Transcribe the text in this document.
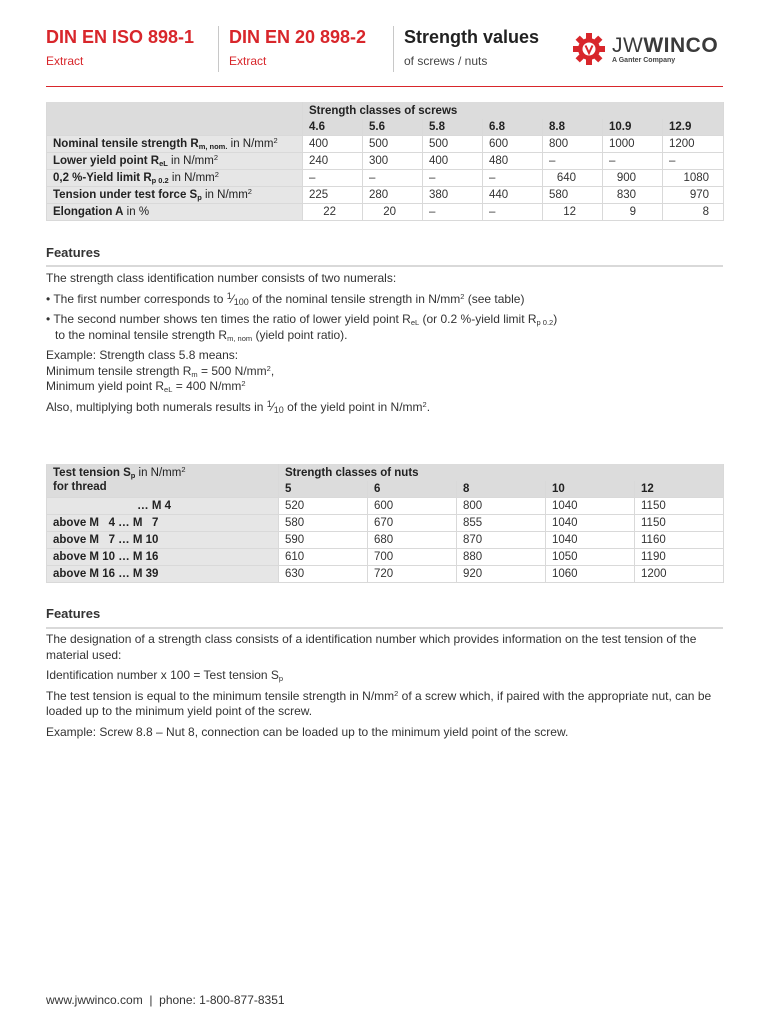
DIN EN ISO 898-1
Extract
DIN EN 20 898-2
Extract
Strength values
of screws / nuts
JWWINCO
A Ganter Company
	Strength classes of screws						
	4.6	5.6	5.8	6.8	8.8	10.9	12.9
Nominal tensile strength $R_{m, nom.}$ in $N/mm^2$	400	500	500	600	800	1000	1200
Lower yield point $R_{eL}$ in $N/mm^2$	240	300	400	480	–	–	–
0,2 %-Yield limit $R_{p 0.2}$ in $N/mm^2$	–	–	–	–	640	900	1080
Tension under test force $S_p$ in $N/mm^2$	225	280	380	440	580	830	970
Elongation A in %	22	20	–	–	12	9	8
Features

The strength class identification number consists of two numerals:

• The first number corresponds to $^1⁄_{100}$ of the nominal tensile strength in $N/mm^2$ (see table)

• The second number shows ten times the ratio of lower yield point $R_{eL}$ (or 0.2 %-yield limit $R_{p 0.2}$)

to the nominal tensile strength $R_{m, nom}$ (yield point ratio).

Example: Strength class 5.8 means:

Minimum tensile strength $R_m = 500$ $N/mm^2$,

Minimum yield point $R_{eL} = 400$ $N/mm^2$

Also, multiplying both numerals results in $^1⁄_{10}$ of the yield point in $N/mm^2$.

Test tension $S_p$ in $N/mm^2$
for thread	Strength classes of nuts				
	5	6	8	10	12
… M 4	520	600	800	1040	1150
above M   4 … M   7	580	670	855	1040	1150
above M   7 … M 10	590	680	870	1040	1160
above M 10 … M 16	610	700	880	1050	1190
above M 16 … M 39	630	720	920	1060	1200
Features

The designation of a strength class consists of a identification number which provides information on the test tension of the material used:

Identification number x 100 = Test tension $S_p$

The test tension is equal to the minimum tensile strength in $N/mm^2$ of a screw which, if paired with the appropriate nut, can be loaded up to the minimum yield point of the screw.

Example: Screw 8.8 – Nut 8, connection can be loaded up to the minimum yield point of the screw.

www.jwwinco.com  |  phone: 1-800-877-8351
